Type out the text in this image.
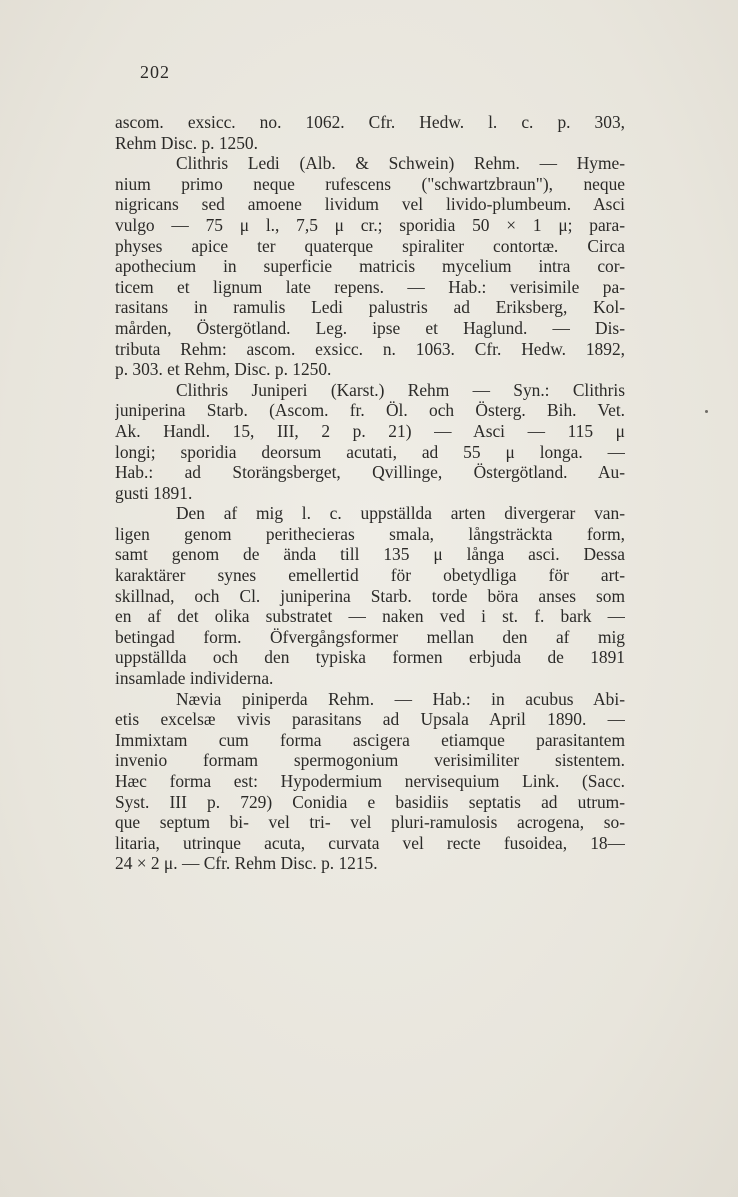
202
ascom. exsicc. no. 1062. Cfr. Hedw. l. c. p. 303,
Rehm Disc. p. 1250.
Clithris Ledi (Alb. & Schwein) Rehm. — Hyme-
nium primo neque rufescens ("schwartzbraun"), neque
nigricans sed amoene lividum vel livido-plumbeum. Asci
vulgo — 75 μ l., 7,5 μ cr.; sporidia 50 × 1 μ; para-
physes apice ter quaterque spiraliter contortæ. Circa
apothecium in superficie matricis mycelium intra cor-
ticem et lignum late repens. — Hab.: verisimile pa-
rasitans in ramulis Ledi palustris ad Eriksberg, Kol-
mården, Östergötland. Leg. ipse et Haglund. — Dis-
tributa Rehm: ascom. exsicc. n. 1063. Cfr. Hedw. 1892,
p. 303. et Rehm, Disc. p. 1250.
Clithris Juniperi (Karst.) Rehm — Syn.: Clithris
juniperina Starb. (Ascom. fr. Öl. och Österg. Bih. Vet.
Ak. Handl. 15, III, 2 p. 21) — Asci — 115 μ
longi; sporidia deorsum acutati, ad 55 μ longa. —
Hab.: ad Storängsberget, Qvillinge, Östergötland. Au-
gusti 1891.
Den af mig l. c. uppställda arten divergerar van-
ligen genom perithecieras smala, långsträckta form,
samt genom de ända till 135 μ långa asci. Dessa
karaktärer synes emellertid för obetydliga för art-
skillnad, och Cl. juniperina Starb. torde böra anses som
en af det olika substratet — naken ved i st. f. bark —
betingad form. Öfvergångsformer mellan den af mig
uppställda och den typiska formen erbjuda de 1891
insamlade individerna.
Nævia piniperda Rehm. — Hab.: in acubus Abi-
etis excelsæ vivis parasitans ad Upsala April 1890. —
Immixtam cum forma ascigera etiamque parasitantem
invenio formam spermogonium verisimiliter sistentem.
Hæc forma est: Hypodermium nervisequium Link. (Sacc.
Syst. III p. 729) Conidia e basidiis septatis ad utrum-
que septum bi- vel tri- vel pluri-ramulosis acrogena, so-
litaria, utrinque acuta, curvata vel recte fusoidea, 18—
24 × 2 μ. — Cfr. Rehm Disc. p. 1215.
